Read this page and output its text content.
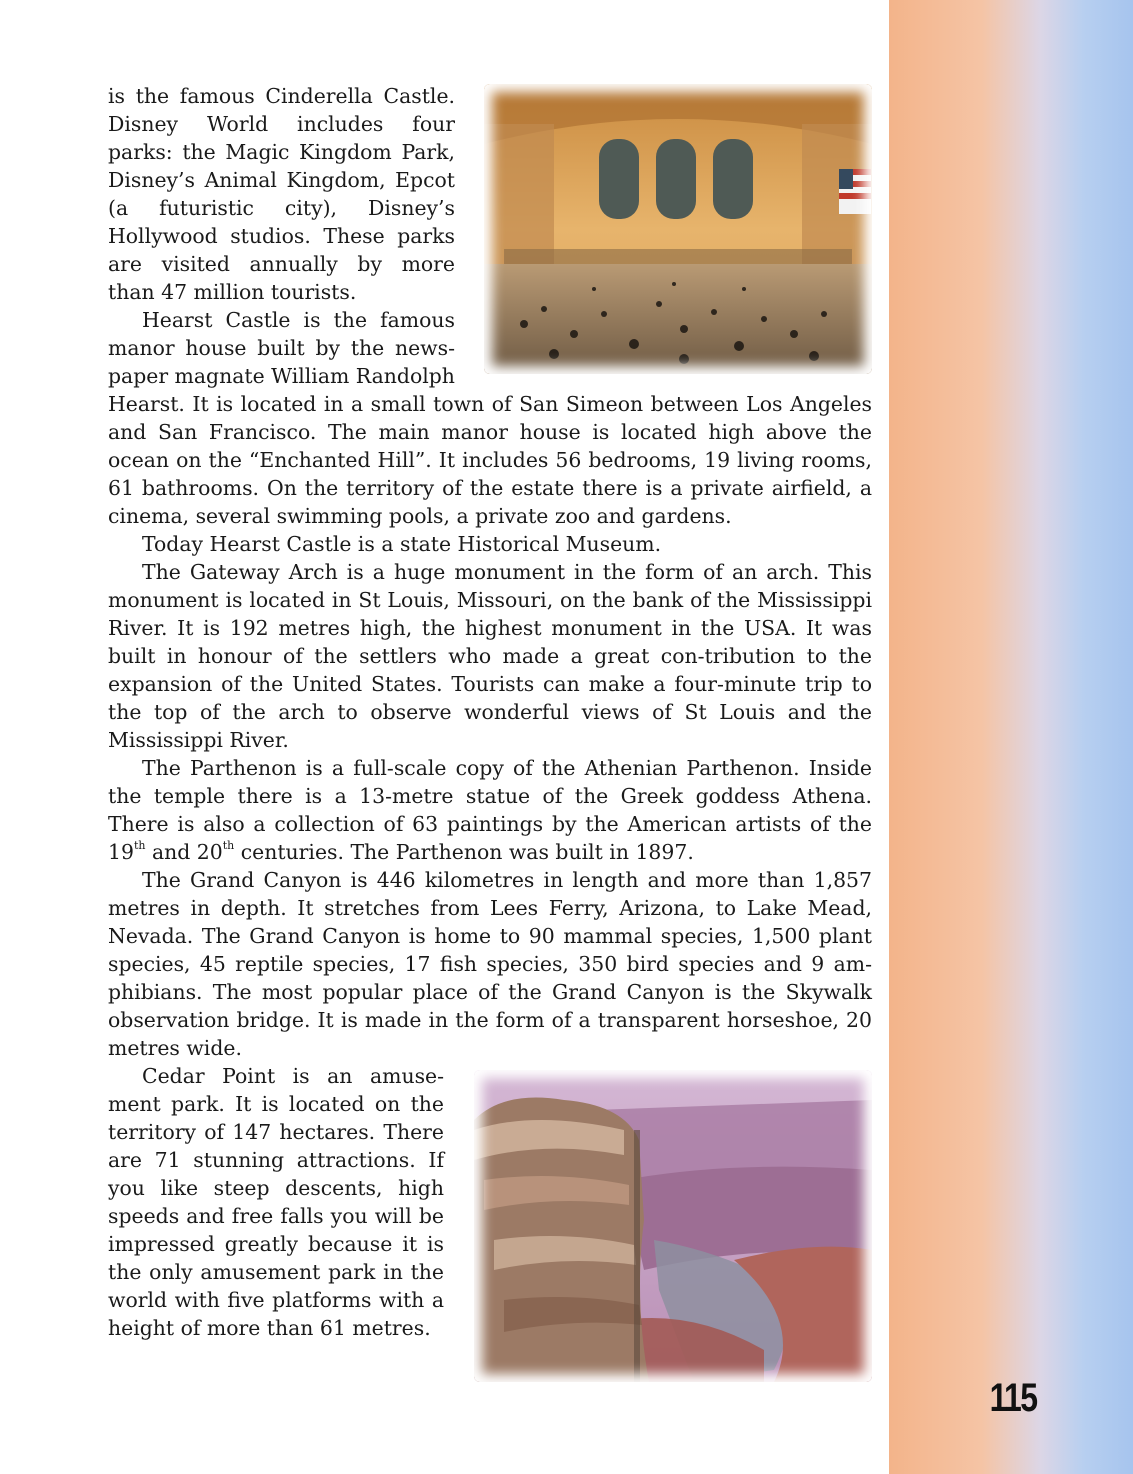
115

is the famous Cinderella Castle. Disney World includes four parks: the Magic Kingdom Park, Disney’s Animal Kingdom, Epcot (a futuristic city), Disney’s Hollywood studios. These parks are visited annually by more than 47 million tourists.

Hearst Castle is the famous manor house built by the news-paper magnate William Randolph

Hearst. It is located in a small town of San Simeon between Los Angeles and San Francisco. The main manor house is located high above the ocean on the “Enchanted Hill”. It includes 56 bedrooms, 19 living rooms, 61 bathrooms. On the territory of the estate there is a private airfield, a cinema, several swimming pools, a private zoo and gardens.

Today Hearst Castle is a state Historical Museum.

The Gateway Arch is a huge monument in the form of an arch. This monument is located in St Louis, Missouri, on the bank of the Mississippi River. It is 192 metres high, the highest monument in the USA. It was built in honour of the settlers who made a great con-tribution to the expansion of the United States. Tourists can make a four-minute trip to the top of the arch to observe wonderful views of St Louis and the Mississippi River.

The Parthenon is a full-scale copy of the Athenian Parthenon. Inside the temple there is a 13-metre statue of the Greek goddess Athena. There is also a collection of 63 paintings by the American artists of the 19th and 20th centuries. The Parthenon was built in 1897.

The Grand Canyon is 446 kilometres in length and more than 1,857 metres in depth. It stretches from Lees Ferry, Arizona, to Lake Mead, Nevada. The Grand Canyon is home to 90 mammal species, 1,500 plant species, 45 reptile species, 17 fish species, 350 bird species and 9 am-phibians. The most popular place of the Grand Canyon is the Skywalk observation bridge. It is made in the form of a transparent horseshoe, 20 metres wide.

Cedar Point is an amuse-ment park. It is located on the territory of 147 hectares. There are 71 stunning attractions. If you like steep descents, high speeds and free falls you will be impressed greatly because it is the only amusement park in the world with five platforms with a height of more than 61 metres.
